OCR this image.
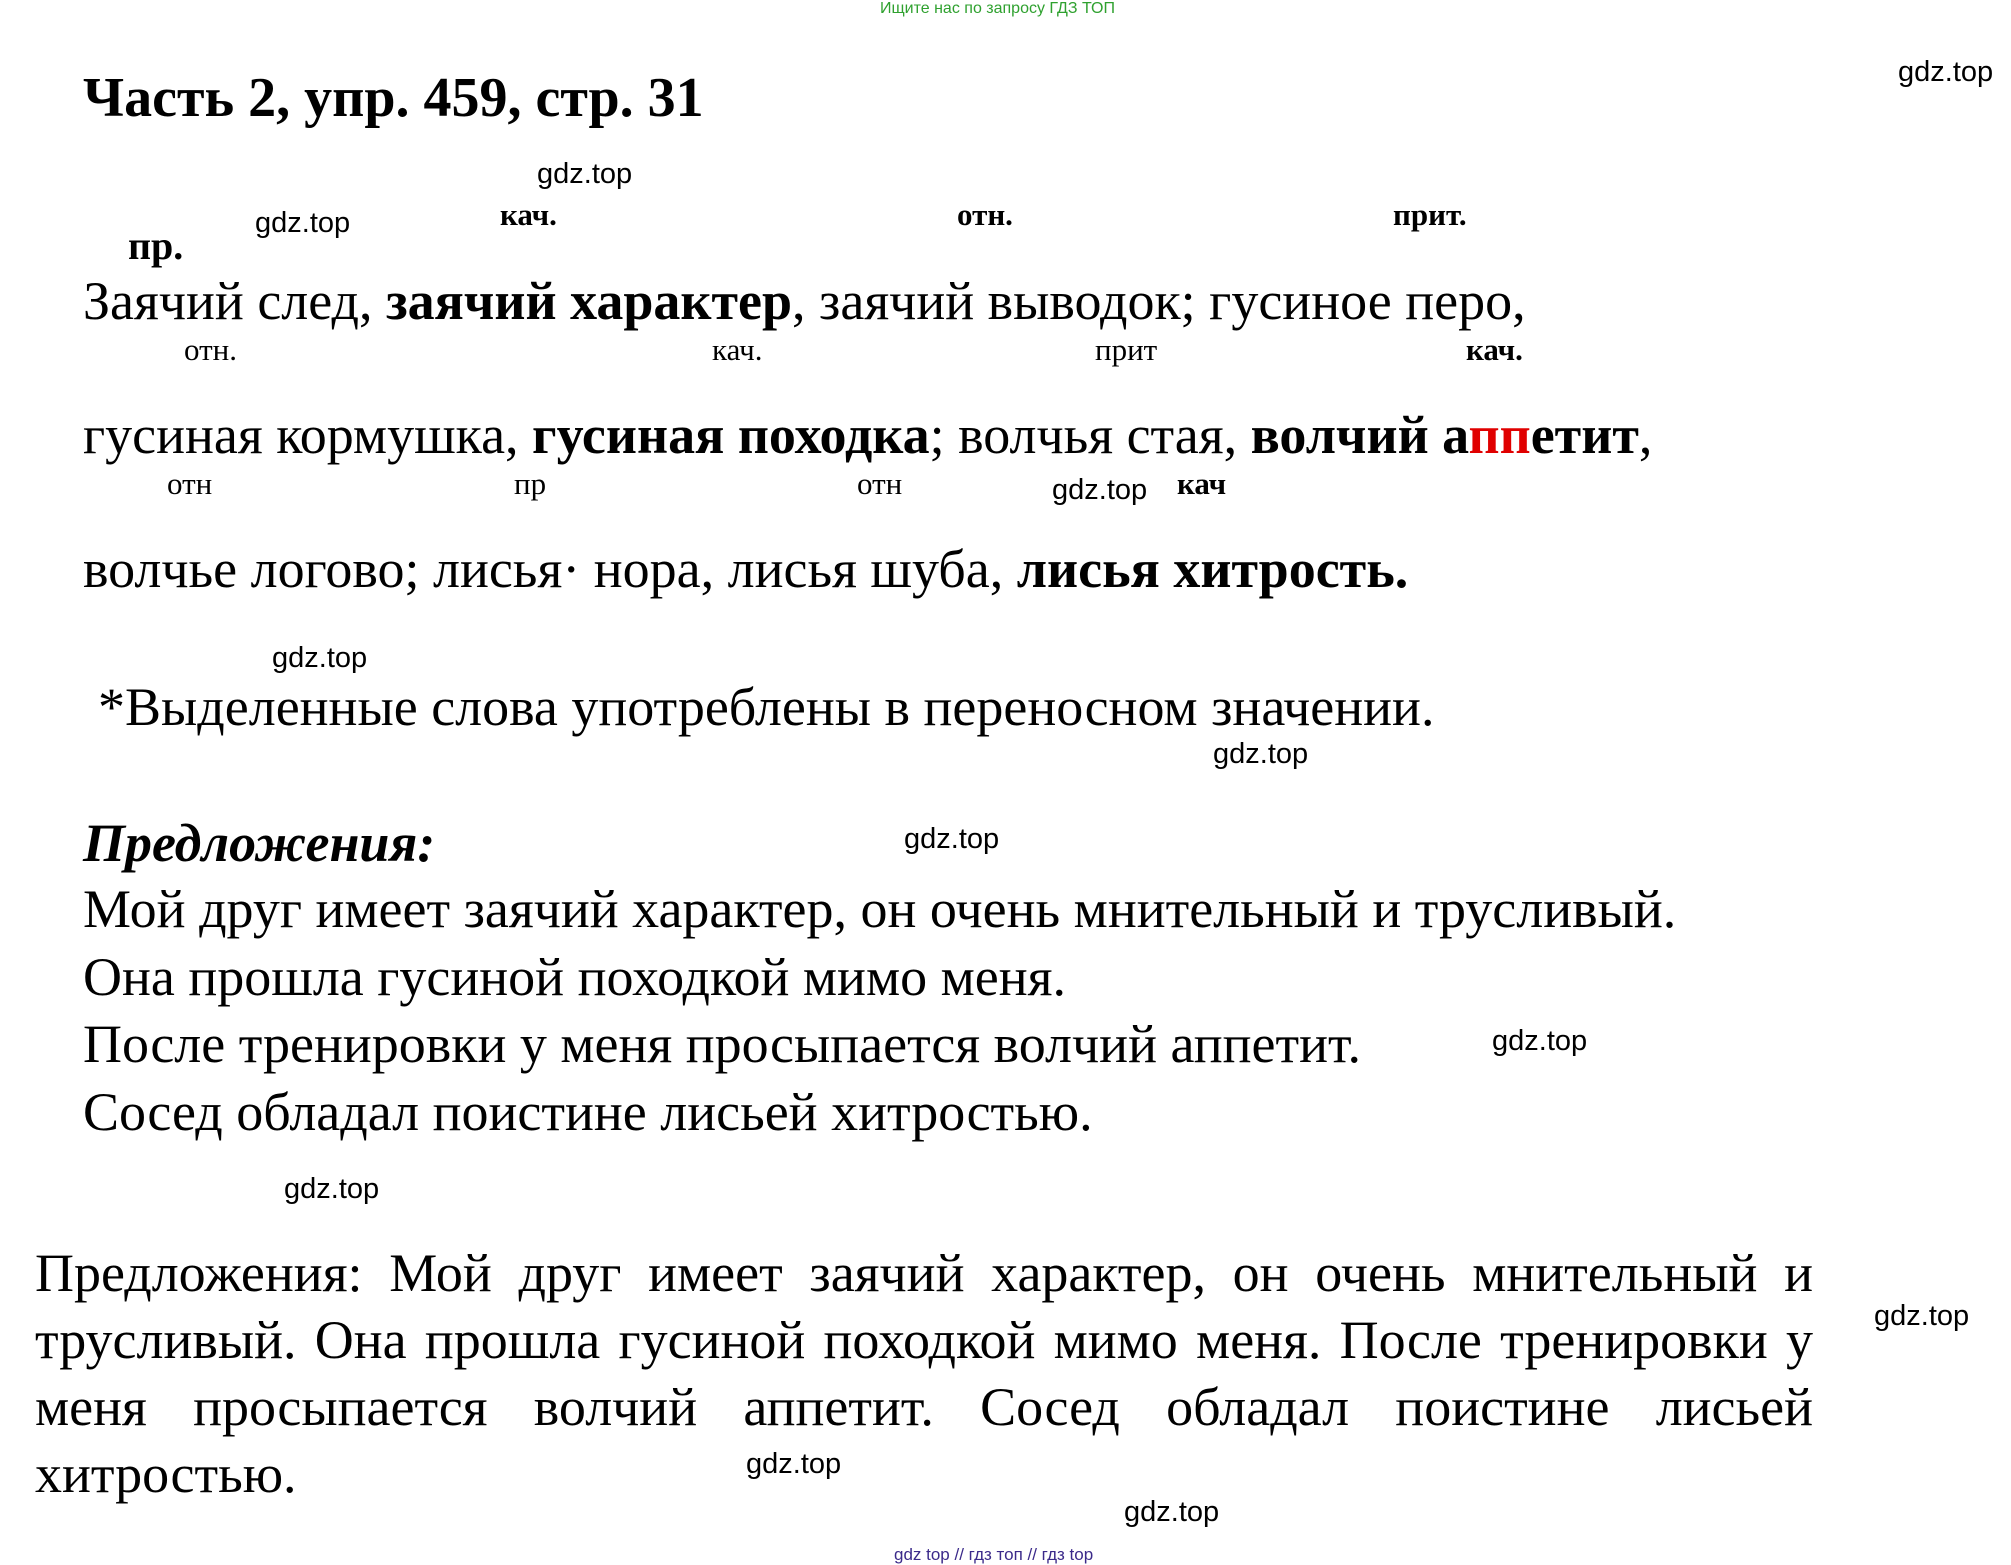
Ищите нас по запросу ГДЗ ТОП
Часть 2, упр. 459, стр. 31	gdz.top
gdz.top
gdz.top
gdz.top
gdz.top
gdz.top
gdz.top
gdz.top
gdz.top
gdz.top
gdz.top
gdz.top
пр.
кач.	отн.	прит.
Заячий след, заячий характер, заячий выводок; гусиное перо,
отн.	кач.	прит	кач.
гусиная кормушка, гусиная походка; волчья стая, волчий аппетит,
отн	пр	отн	кач
волчье логово; лисья· нора, лисья шуба, лисья хитрость.
*Выделенные слова употреблены в переносном значении.
Предложения:
Мой друг имеет заячий характер, он очень мнительный и трусливый.
Она прошла гусиной походкой мимо меня.
После тренировки у меня просыпается волчий аппетит.
Сосед обладал поистине лисьей хитростью.
Предложения: Мой друг имеет заячий характер, он очень мнительный и трусливый. Она прошла гусиной походкой мимо меня. После тренировки у меня просыпается волчий аппетит. Сосед обладал поистине лисьей хитростью.
gdz top // гдз топ // гдз top
